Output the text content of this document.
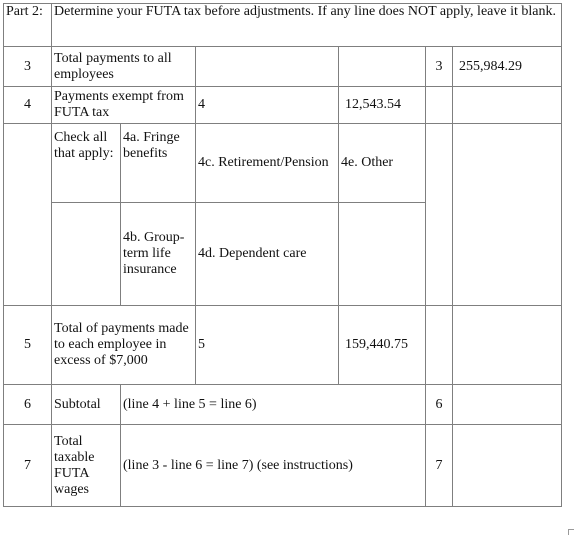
Part 2:	Determine your FUTA tax before adjustments. If any line does NOT apply, leave it blank.					
3	Total payments to all employees				3	255,984.29
4	Payments exempt from FUTA tax		4	12,543.54		
	Check all that apply:	4a. Fringe benefits	4c. Retirement/Pension	4e. Other		
		4b. Group-term life insurance	4d. Dependent care			
5	Total of payments made to each employee in excess of $7,000		5	159,440.75		
6	Subtotal	(line 4 + line 5 = line 6)			6	
7	Total taxable FUTA wages	(line 3 - line 6 = line 7) (see instructions)			7	
